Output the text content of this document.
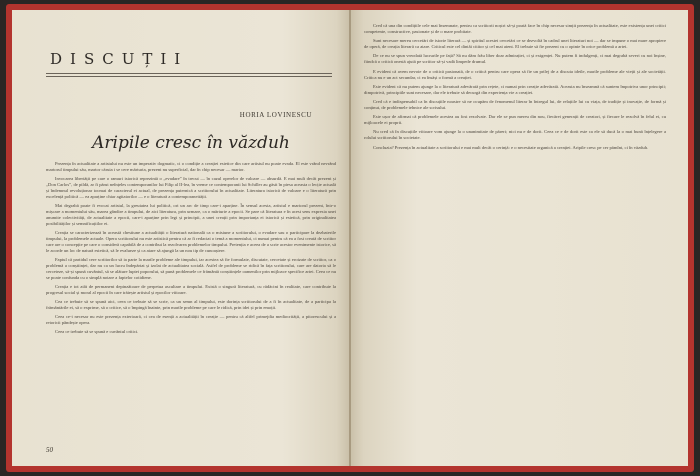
DISCUȚII
HORIA LOVINESCU
Aripile cresc în văzduh

Prezența în actualitate a artistului nu este un imperativ dogmatic, ci o condiție a creației estetice din care artistul nu poate evada. El este vrând nevrând martorul timpului său, martor căruia i se cere mărturia, prezent nu superficial, dar în chip necesar — martor.

Invocarea libertății pe care o ramuri istorică reprezintă o „evadare” în trecut — în cazul operelor de valoare — absurdă. E mai mult decât prezent și „Don Carlos”, de pildă, ar fi părut neînțeles contemporanilor lui Filip al II-lea, în vreme ce contemporanii lui Schiller au găsit în piesa aceasta o lecție actuală și îndemnul revoluționar tocmai de caracterul ei actual, de prezența puternică a scriitorului în actualitate. Literatura istorică de valoare e o literatură prin excelență politică — ea aparține chiar agitatorilor — e o literatură a contemporaneității.

Mai degrabă poate fi evocat artistul, la greutatea lui politică, ori un arc de timp care-i aparține. În sensul acesta, artistul e martorul prezent, într-o mișcare a momentului său, marea gândire a timpului, de aici literatura, prin urmare, ca o mărturie a epocii. Se pare că literatura e în acest sens expresia unei anumite colectivități, de actualitate a epocii, care-i aparține prin legi și principii, a unei creații prin importanța ei istorică și estetică, prin originalitatea posibilităților și semnificațiilor ei.

Creația se caracterizează în această chestiune a actualității o literatură natională ca o misiune a scriitorului, o evadare sau o participare la dezbaterile timpului, la problemele actuale. Opera scriitorului nu este artistică pentru că ar fi redactat o temă a momentului, ci numai pentru că ea a fost creată de scriitor care are o concepție pe care o consideră capabilă de a contribui la rezolvarea problemelor timpului. Pretenția e aceea de a scrie acestor evenimente istorice, să le acorde un loc de natură estetică, să le evalueze și ca atare să ajungă la un nou tip de cunoaștere.

Faptul că partidul cere scriitorilor să ia parte la marile probleme ale timpului, iar acestea să fie formulate, discutate, cercetate și eroizate de scriitor, ca o problemă a conștiinței, dar nu ca un lucru îndepărtat și izolat de actualitatea socială. Astfel de probleme se ridică în fața scriitorului, care are datoria să le cerceteze, să-și spună cuvântul, să se alăture luptei poporului, să pună problemele ce frământă conștiințele oamenilor prin mijloace specifice artei. Ceea ce nu se poate confunda cu o simplă notare a faptelor cotidiene.

Creația e tot atât de permanent depinzătoare de perpetua ascultare a timpului. Există o singură literatură, cu rădăcini în realitate, care contribuie la progresul social și moral al epocii în care trăiește artistul și epocilor viitoare.

Cea ce trebuie să se spună aici, ceea ce trebuie să se scrie, ca un semn al timpului, este dorința scriitorului de a fi în actualitate, de a participa la frământările ei, să o exprime, să o critice, să o împingă înainte, prin marile probleme pe care le ridică, prin idei și prin emoții.

Ceea ce-i necesar nu este prezența exterioară, ci cea de esență a actualității în creație — pentru că altfel primejdia mediocrității, a pitorescului și a retoricii pândește opera.

Ceea ce trebuie să se spună e cuvântul critici.

50

Cred că una din condițiile cele mai însemnate, pentru ca scriitorii noștri să-și poată face în chip necesar simțit prezența în actualitate, este existența unei critici competente, constructive, pasionate și de o mare probitate.

Sunt necesare mereu cercetări de istorie literară — și spiritul acestei cercetări ce se dezvoltă în cadrul unei literaturi noi — dar se impune o mai mare apropiere de operă, de creația literară ca atare. Criticul este cel dintâi cititor și cel mai atent. El trebuie să fie prezent cu o opinie în orice problemă a artei.

De ce nu se spun vreodată lucrurile pe față? Să nu dăm frâu liber doar admirației, ci și exigenței. Nu putem fi indulgenți, ci mai degrabă severi cu noi înșine, fiindcă o critică onestă ajută pe scriitor să-și vadă limpede drumul.

E evident că avem nevoie de o critică pasionată, de o critică pentru care opera să fie un prilej de a discuta ideile, marile probleme ale vieții și ale societății. Critica nu e un act secundar, ci ea însăși o formă a creației.

Este evident că nu putem ajunge la o literatură adevărată prin rețete, ci numai prin creație adevărată. Aceasta nu înseamnă că suntem împotriva unor principii; dimpotrivă, principiile sunt necesare, dar ele trebuie să decurgă din experiența vie a creației.

Cred că e indispensabil ca în discuțiile noastre să ne ocupăm de fenomenul literar în întregul lui, de relațiile lui cu viața, de tradiție și inovație, de formă și conținut, de problemele tehnice ale scrisului.

Este ușor de afirmat că problemele acestea au fost rezolvate. Dar ele se pun mereu din nou, fiecărei generații de creatori, și fiecare le rezolvă în felul ei, cu mijloacele ei proprii.

Nu cred că în discuțiile viitoare vom ajunge la o unanimitate de păreri; nici nu e de dorit. Ceea ce e de dorit este ca ele să ducă la o mai bună înțelegere a rolului scriitorului în societate.

Concluzia? Prezența în actualitate a scriitorului e mai mult decât o cerință: e o necesitate organică a creației. Aripile cresc pe cer pămînt, ci în văzduh.
